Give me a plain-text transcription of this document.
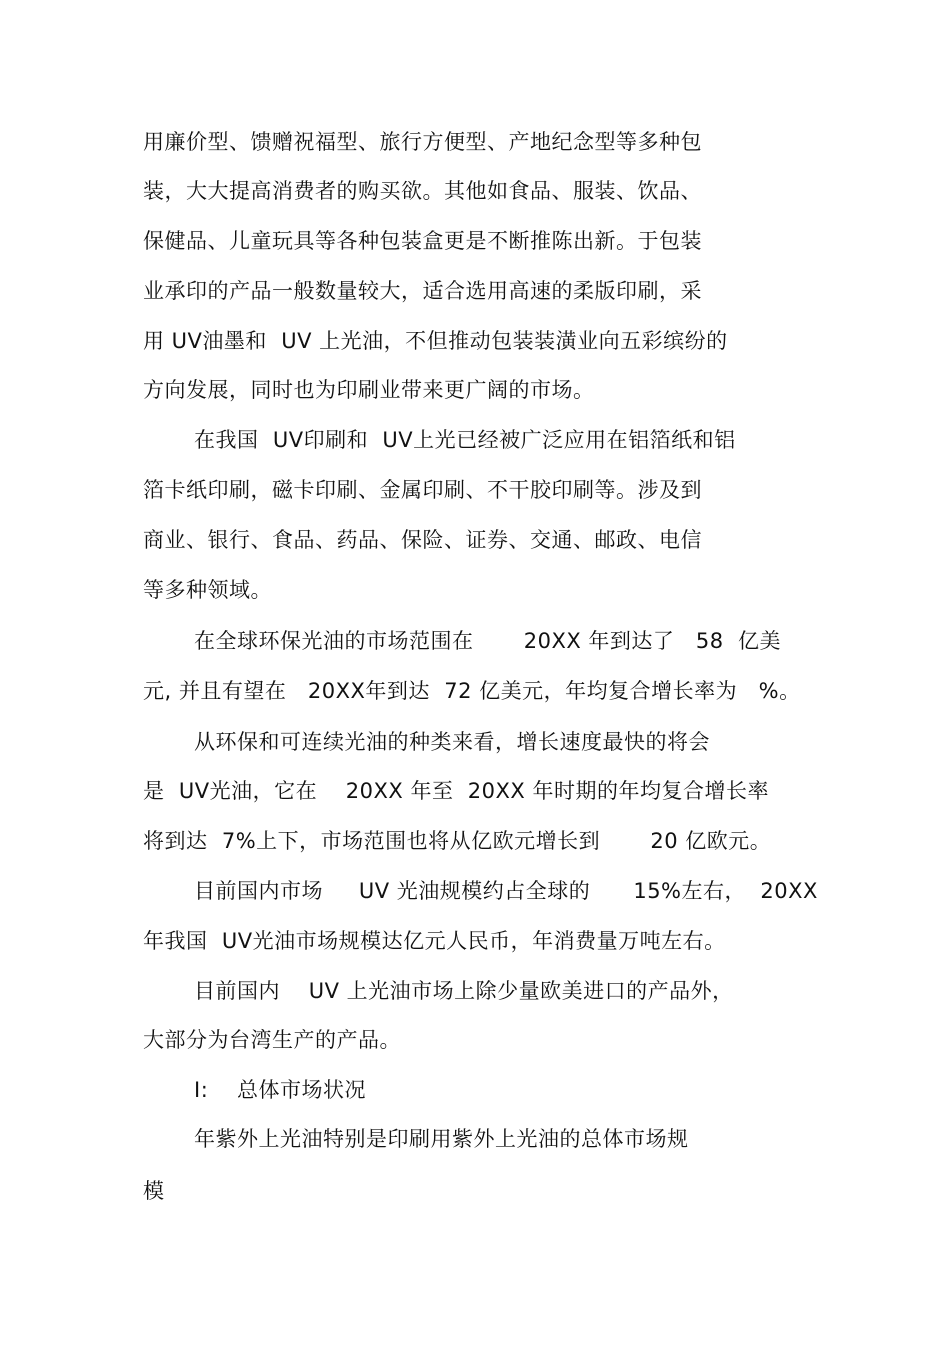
用廉价型、馈赠祝福型、旅行方便型、产地纪念型等多种包
装，大大提高消费者的购买欲。其他如食品、服装、饮品、
保健品、儿童玩具等各种包装盒更是不断推陈出新。于包装
业承印的产品一般数量较大，适合选用高速的柔版印刷，采
用 UV油墨和  UV 上光油，不但推动包装装潢业向五彩缤纷的
方向发展，同时也为印刷业带来更广阔的市场。
在我国  UV印刷和  UV上光已经被广泛应用在铝箔纸和铝
箔卡纸印刷，磁卡印刷、金属印刷、不干胶印刷等。涉及到
商业、银行、食品、药品、保险、证券、交通、邮政、电信
等多种领域。
在全球环保光油的市场范围在       20XX 年到达了   58  亿美
元, 并且有望在   20XX年到达  72 亿美元，年均复合增长率为   %。
从环保和可连续光油的种类来看，增长速度最快的将会
是  UV光油，它在    20XX 年至  20XX 年时期的年均复合增长率
将到达  7%上下，市场范围也将从亿欧元增长到       20 亿欧元。
目前国内市场     UV 光油规模约占全球的      15%左右，  20XX
年我国  UV光油市场规模达亿元人民币，年消费量万吨左右。
目前国内    UV 上光油市场上除少量欧美进口的产品外，
大部分为台湾生产的产品。
I:    总体市场状况
年紫外上光油特别是印刷用紫外上光油的总体市场规
模
